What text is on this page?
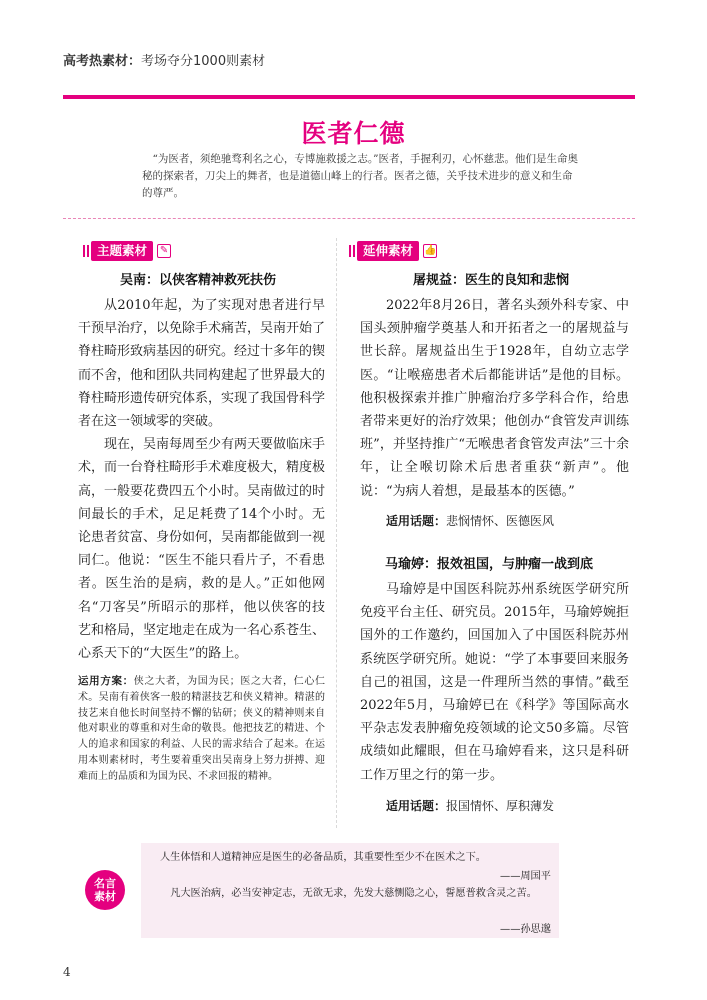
高考热素材：考场夺分1000则素材
医者仁德
“为医者，须绝驰骛利名之心，专博施救援之志。”医者，手握利刃，心怀慈悲。他们是生命奥秘的探索者，刀尖上的舞者，也是道德山峰上的行者。医者之德，关乎技术进步的意义和生命的尊严。
主题素材	✎
吴南：以侠客精神救死扶伤

从2010年起，为了实现对患者进行早干预早治疗，以免除手术痛苦，吴南开始了脊柱畸形致病基因的研究。经过十多年的锲而不舍，他和团队共同构建起了世界最大的脊柱畸形遗传研究体系，实现了我国骨科学者在这一领域零的突破。

现在，吴南每周至少有两天要做临床手术，而一台脊柱畸形手术难度极大，精度极高，一般要花费四五个小时。吴南做过的时间最长的手术，足足耗费了14个小时。无论患者贫富、身份如何，吴南都能做到一视同仁。他说：“医生不能只看片子，不看患者。医生治的是病，救的是人。”正如他网名“刀客吴”所昭示的那样，他以侠客的技艺和格局，坚定地走在成为一名心系苍生、心系天下的“大医生”的路上。

运用方案：侠之大者，为国为民；医之大者，仁心仁术。吴南有着侠客一般的精湛技艺和侠义精神。精湛的技艺来自他长时间坚持不懈的钻研；侠义的精神则来自他对职业的尊重和对生命的敬畏。他把技艺的精进、个人的追求和国家的利益、人民的需求结合了起来。在运用本则素材时，考生要着重突出吴南身上努力拼搏、迎难而上的品质和为国为民、不求回报的精神。
延伸素材	👍
屠规益：医生的良知和悲悯

2022年8月26日，著名头颈外科专家、中国头颈肿瘤学奠基人和开拓者之一的屠规益与世长辞。屠规益出生于1928年，自幼立志学医。“让喉癌患者术后都能讲话”是他的目标。他积极探索并推广肿瘤治疗多学科合作，给患者带来更好的治疗效果；他创办“食管发声训练班”，并坚持推广“无喉患者食管发声法”三十余年，让全喉切除术后患者重获“新声”。他说：“为病人着想，是最基本的医德。”

适用话题：悲悯情怀、医德医风
马瑜婷：报效祖国，与肿瘤一战到底

马瑜婷是中国医科院苏州系统医学研究所免疫平台主任、研究员。2015年，马瑜婷婉拒国外的工作邀约，回国加入了中国医科院苏州系统医学研究所。她说：“学了本事要回来服务自己的祖国，这是一件理所当然的事情。”截至2022年5月，马瑜婷已在《科学》等国际高水平杂志发表肿瘤免疫领域的论文50多篇。尽管成绩如此耀眼，但在马瑜婷看来，这只是科研工作万里之行的第一步。

适用话题：报国情怀、厚积薄发
名言
素材
人生体悟和人道精神应是医生的必备品质，其重要性至少不在医术之下。
——周国平
凡大医治病，必当安神定志，无欲无求，先发大慈恻隐之心，誓愿普救含灵之苦。
——孙思邈
4
